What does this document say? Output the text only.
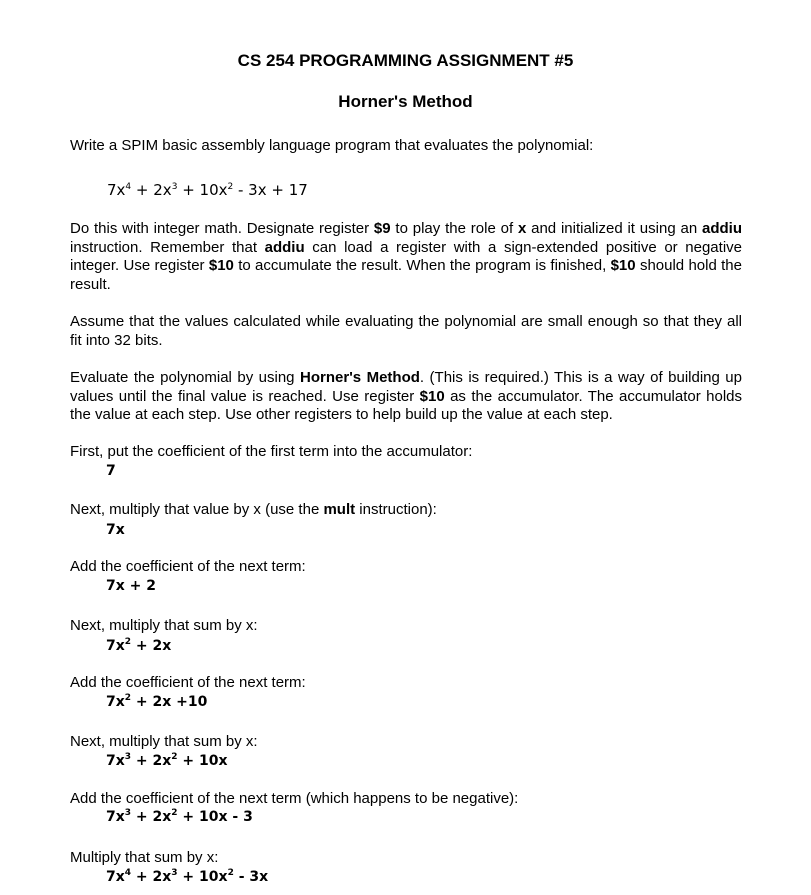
CS 254 PROGRAMMING ASSIGNMENT #5
Horner's Method
Write a SPIM basic assembly language program that evaluates the polynomial:
$7x^4 + 2x^3 + 10x^2 - 3x + 17$
Do this with integer math. Designate register $9 to play the role of x and initialized it using an addiu instruction. Remember that addiu can load a register with a sign-extended positive or negative integer. Use register $10 to accumulate the result. When the program is finished, $10 should hold the result.
Assume that the values calculated while evaluating the polynomial are small enough so that they all fit into 32 bits.
Evaluate the polynomial by using Horner's Method. (This is required.) This is a way of building up values until the final value is reached. Use register $10 as the accumulator. The accumulator holds the value at each step. Use other registers to help build up the value at each step.
First, put the coefficient of the first term into the accumulator:
7
Next, multiply that value by x (use the mult instruction):
7x
Add the coefficient of the next term:
7x + 2
Next, multiply that sum by x:
$7x^2 + 2x$
Add the coefficient of the next term:
$7x^2 + 2x +10$
Next, multiply that sum by x:
$7x^3 + 2x^2 + 10x$
Add the coefficient of the next term (which happens to be negative):
$7x^3 + 2x^2 + 10x - 3$
Multiply that sum by x:
$7x^4 + 2x^3 + 10x^2 - 3x$
